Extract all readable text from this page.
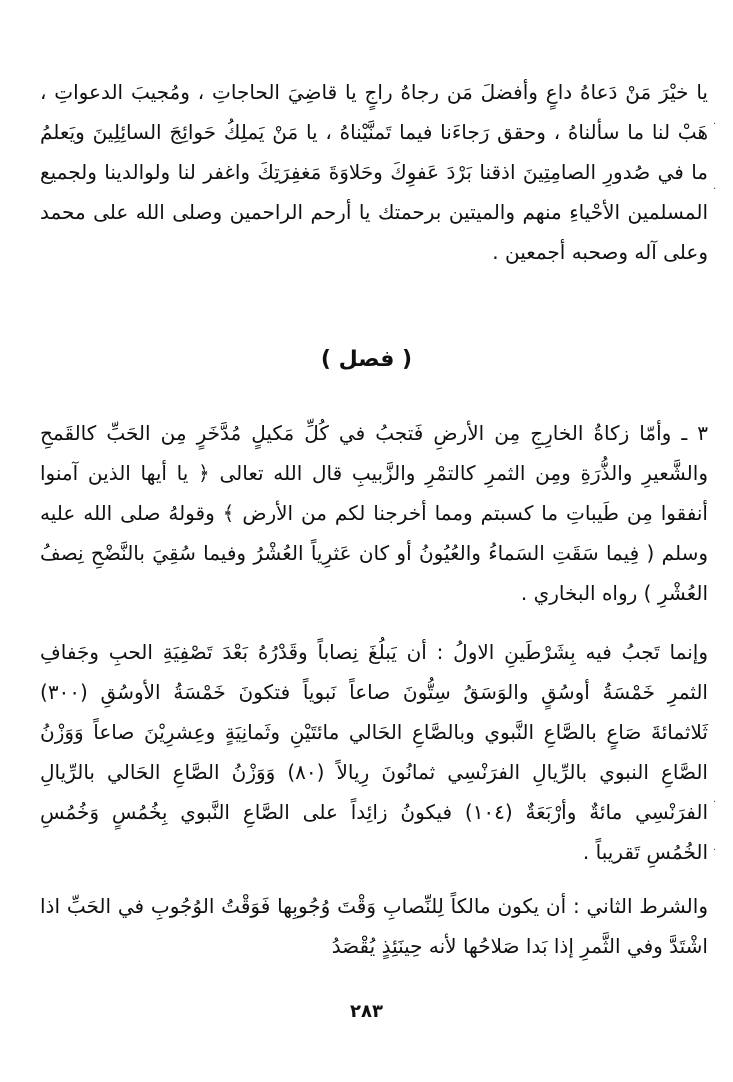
يا خيْرَ مَنْ دَعاهُ داعٍ وأفضلَ مَن رجاهُ راجٍ يا قاضِيَ الحاجاتِ ، ومُجيبَ الدعواتِ ، هَبْ لنا ما سألناهُ ، وحقق رَجاءَنا فيما تَمنَّيْناهُ ، يا مَنْ يَملِكُ حَوائِجَ السائِلِينَ ويَعلمُ ما في صُدورِ الصامِتِينَ اذقنا بَرْدَ عَفوِكَ وحَلاوَةَ مَغفِرَتِكَ واغفر لنا ولوالدينا ولجميع المسلمين الأحْياءِ منهم والميتين برحمتك يا أرحم الراحمين وصلى الله على محمد وعلى آله وصحبه أجمعين .

( فصل )

٣ ـ وأمّا زكاةُ الخارِجِ مِن الأرضِ فَتجبُ في كُلِّ مَكيلٍ مُدَّخَرٍ مِن الحَبِّ كالقَمحِ والشَّعيرِ والذُّرَةِ ومِن الثمرِ كالتمْرِ والزَّبيبِ قال الله تعالى ﴿ يا أيها الذين آمنوا أنفقوا مِن طَيباتِ ما كسبتم ومما أخرجنا لكم من الأرض ﴾ وقولهُ صلى الله عليه وسلم ( فِيما سَقَتِ السَماءُ والعُيُونُ أو كان عَثرِياً العُشْرُ وفيما سُقِيَ بالنَّضْحِ نِصفُ العُشْرِ ) رواه البخاري .

وإنما تَجبُ فيه بِشَرْطَينِ الاولُ : أن يَبلُغَ نِصاباً وقَدْرُهُ بَعْدَ تَصْفِيَةِ الحبِ وجَفافِ الثمرِ خَمْسَةُ أوسُقٍ والوَسَقُ سِتُّونَ صاعاً نَبوياً فتكونَ خَمْسَةُ الأوسُقِ (٣٠٠) ثَلاثمائةَ صَاعٍ بالصَّاعِ النَّبوي وبالصَّاعِ الحَالي مائتَيْنِ وثَمانِيَةٍ وعِشرِيْنَ صاعاً وَوَزْنُ الصَّاعِ النبوي بالرِّيالِ الفرَنْسِي ثمانُونَ رِيالاً (٨٠) وَوَزْنُ الصَّاعِ الحَالي بالرِّيالِ الفرَنْسِي مائةٌ وأرْبَعَةٌ (١٠٤) فيكونُ زائِداً على الصَّاعِ النَّبوي بِخُمُسٍ وَخُمُسِ الخُمُسِ تَقريباً .

والشرط الثاني : أن يكون مالكاً لِلنِّصابِ وَقْتَ وُجُوبِها فَوَقْتُ الوُجُوبِ في الحَبِّ اذا اشْتَدَّ وفي الثَّمرِ إذا بَدا صَلاحُها لأنه حِينَئِذٍ يُقْصَدُ

٢٨٣
·
·
·
·
